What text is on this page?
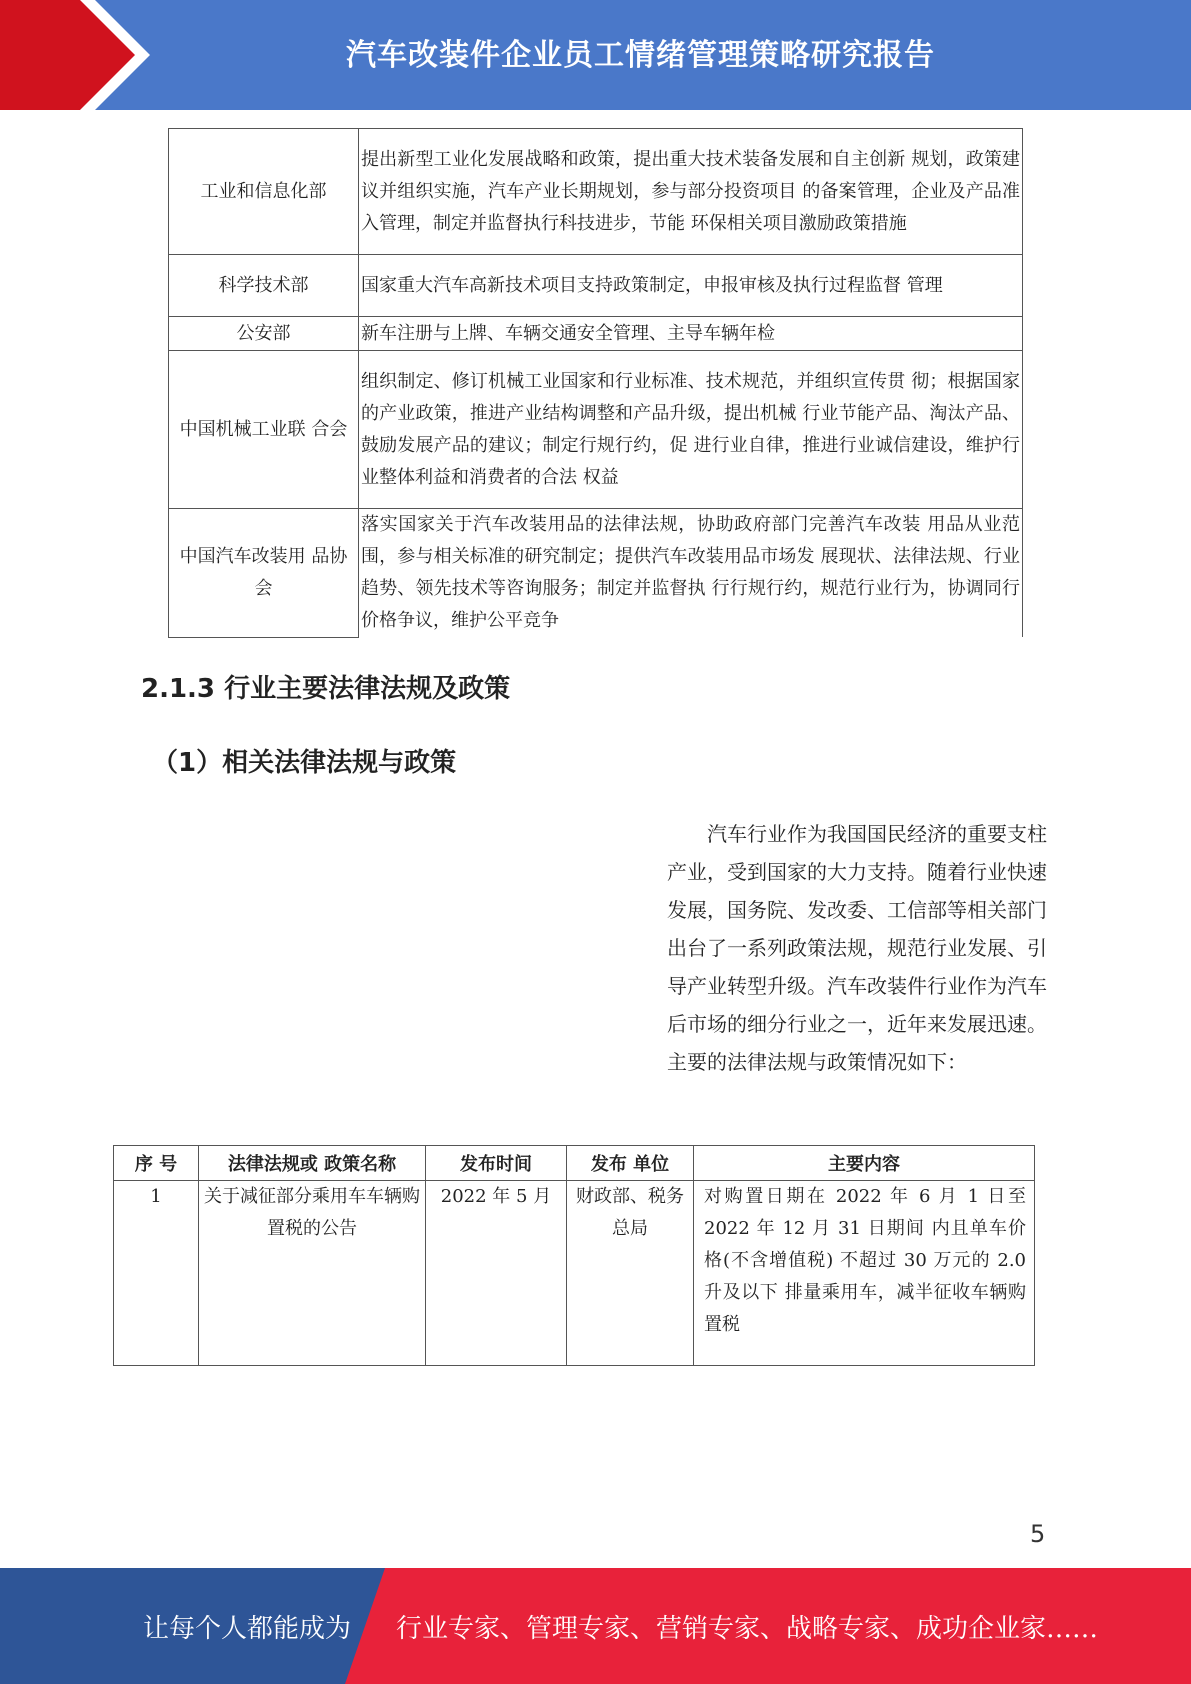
汽车改装件企业员工情绪管理策略研究报告
工业和信息化部	提出新型工业化发展战略和政策，提出重大技术装备发展和自主创新 规划，政策建议并组织实施，汽车产业长期规划，参与部分投资项目 的备案管理，企业及产品准入管理，制定并监督执行科技进步，节能 环保相关项目激励政策措施
科学技术部	国家重大汽车高新技术项目支持政策制定，申报审核及执行过程监督 管理
公安部	新车注册与上牌、车辆交通安全管理、主导车辆年检
中国机械工业联 合会	组织制定、修订机械工业国家和行业标准、技术规范，并组织宣传贯 彻；根据国家的产业政策，推进产业结构调整和产品升级，提出机械 行业节能产品、淘汰产品、鼓励发展产品的建议；制定行规行约，促 进行业自律，推进行业诚信建设，维护行业整体利益和消费者的合法 权益
中国汽车改装用 品协会	落实国家关于汽车改装用品的法律法规，协助政府部门完善汽车改装 用品从业范围，参与相关标准的研究制定；提供汽车改装用品市场发 展现状、法律法规、行业趋势、领先技术等咨询服务；制定并监督执 行行规行约，规范行业行为，协调同行价格争议，维护公平竞争
2.1.3 行业主要法律法规及政策
（1）相关法律法规与政策

汽车行业作为我国国民经济的重要支柱产业，受到国家的大力支持。随着行业快速发展，国务院、发改委、工信部等相关部门出台了一系列政策法规，规范行业发展、引导产业转型升级。汽车改装件行业作为汽车后市场的细分行业之一，近年来发展迅速。主要的法律法规与政策情况如下：

序 号	法律法规或 政策名称	发布时间	发布 单位	主要内容
1	关于减征部分乘用车车辆购置税的公告	2022 年 5 月	财政部、税务总局	对购置日期在 2022 年 6 月 1 日至 2022 年 12 月 31 日期间 内且单车价格(不含增值税) 不超过 30 万元的 2.0 升及以下 排量乘用车，减半征收车辆购 置税
5
让每个人都能成为 行业专家、管理专家、营销专家、战略专家、成功企业家……
